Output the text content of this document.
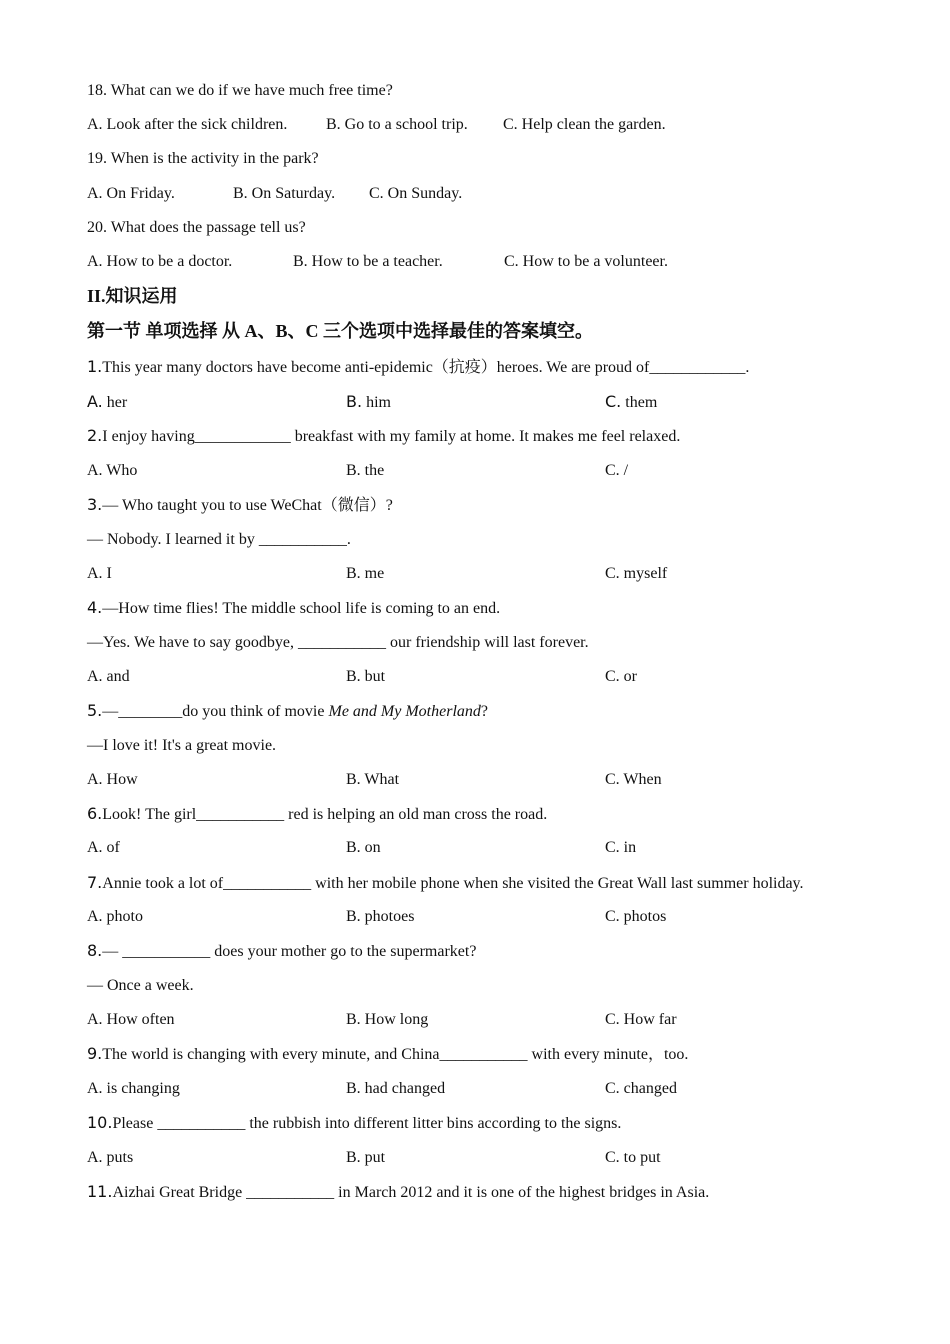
18. What can we do if we have much free time?
A. Look after the sick children. B. Go to a school trip. C. Help clean the garden.
19. When is the activity in the park?
A. On Friday.	B. On Saturday. C. On Sunday.
20. What does the passage tell us?
A. How to be a doctor.	B. How to be a teacher.	C. How to be a volunteer.
II.知识运用
第一节 单项选择 从 A、B、C 三个选项中选择最佳的答案填空。
1.This year many doctors have become anti-epidemic（抗疫）heroes. We are proud of____________.
A. her	B. him	C. them
2.I enjoy having____________ breakfast with my family at home. It makes me feel relaxed.
A. Who	B. the	C. /
3.— Who taught you to use WeChat（微信）?
— Nobody. I learned it by ___________.
A. I	B. me	C. myself
4.—How time flies! The middle school life is coming to an end.
—Yes. We have to say goodbye, ___________ our friendship will last forever.
A. and	B. but	C. or
5.—________do you think of movie Me and My Motherland?
—I love it! It's a great movie.
A. How	B. What	C. When
6.Look! The girl___________ red is helping an old man cross the road.
A. of	B. on	C. in
7.Annie took a lot of___________ with her mobile phone when she visited the Great Wall last summer holiday.
A. photo	B. photoes	C. photos
8.— ___________ does your mother go to the supermarket?
— Once a week.
A. How often	B. How long	C. How far
9.The world is changing with every minute, and China___________ with every minute，too.
A. is changing	B. had changed	C. changed
10.Please ___________ the rubbish into different litter bins according to the signs.
A. puts	B. put	C. to put
11.Aizhai Great Bridge ___________ in March 2012 and it is one of the highest bridges in Asia.
